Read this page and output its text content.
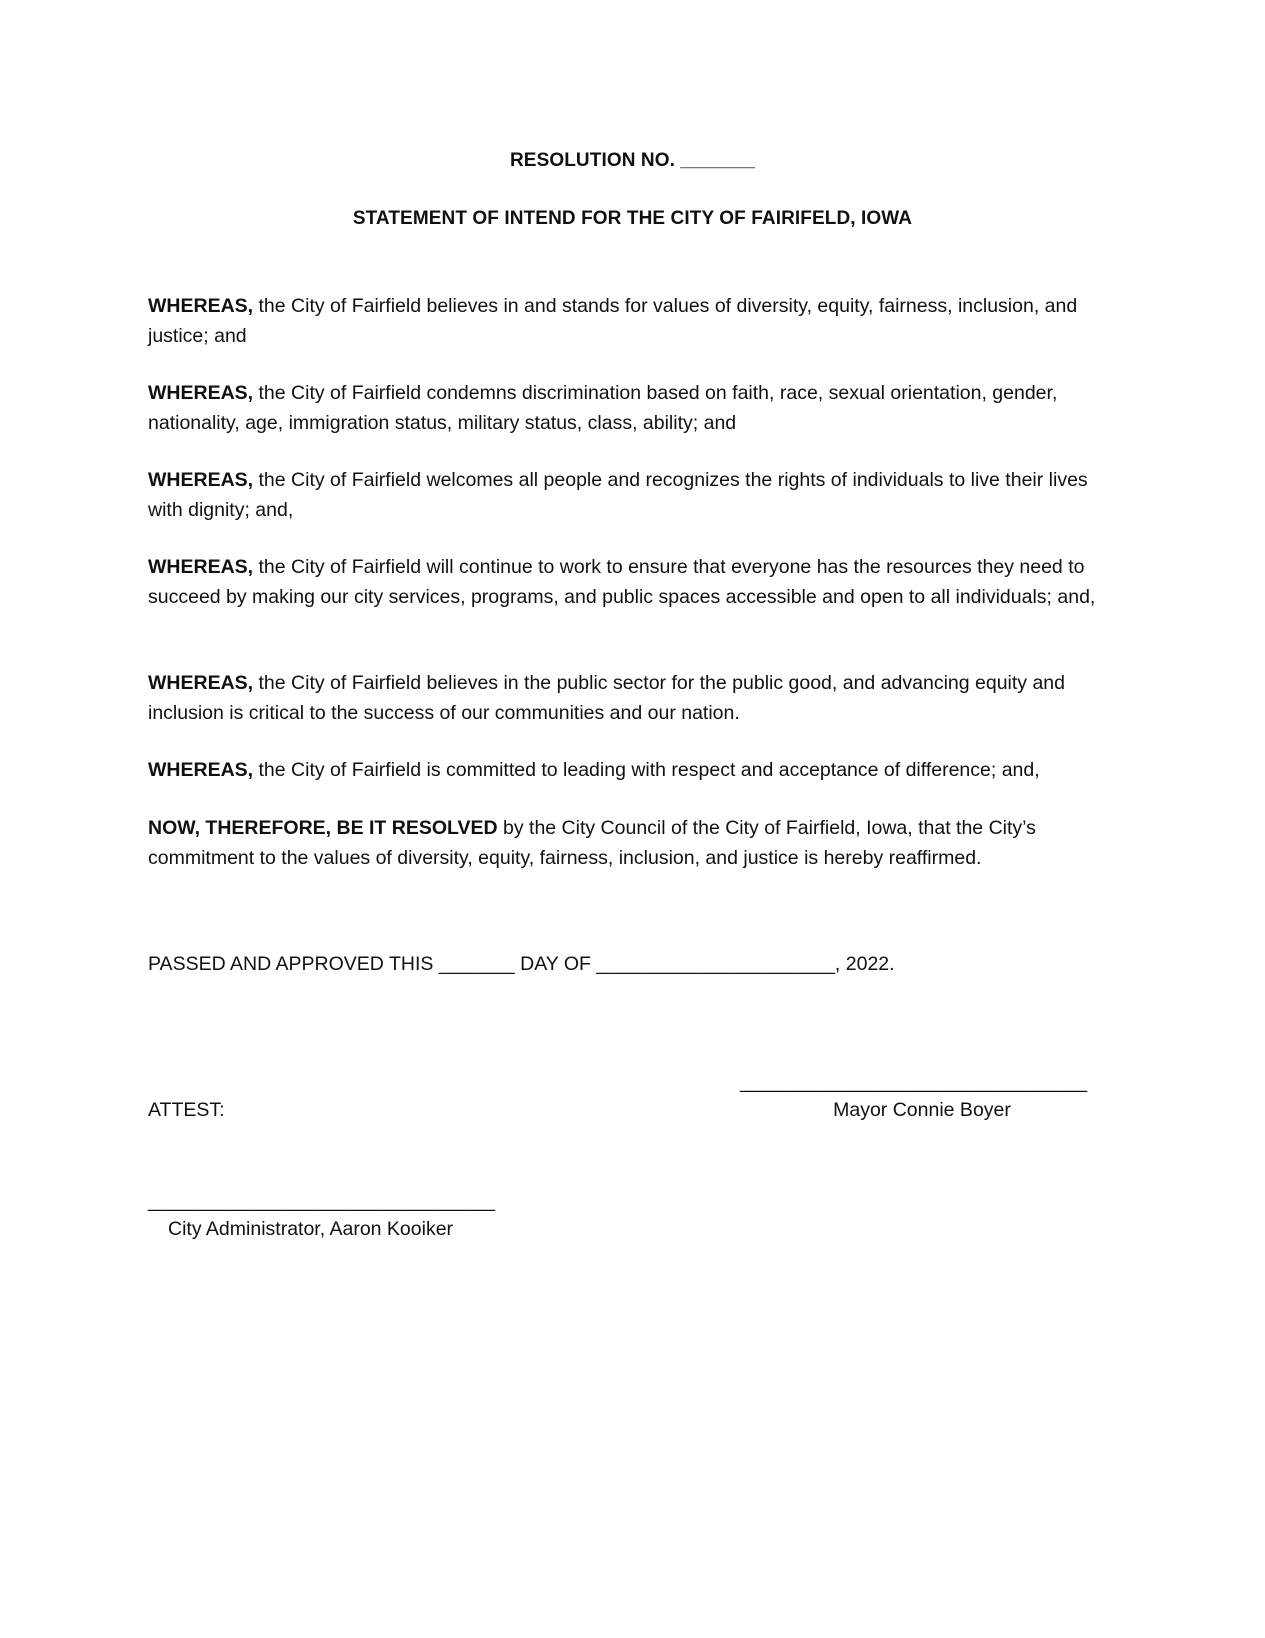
RESOLUTION NO. _______
STATEMENT OF INTEND FOR THE CITY OF FAIRIFELD, IOWA
WHEREAS, the City of Fairfield believes in and stands for values of diversity, equity, fairness, inclusion, and justice; and
WHEREAS, the City of Fairfield condemns discrimination based on faith, race, sexual orientation, gender, nationality, age, immigration status, military status, class, ability; and
WHEREAS, the City of Fairfield welcomes all people and recognizes the rights of individuals to live their lives with dignity; and,
WHEREAS, the City of Fairfield will continue to work to ensure that everyone has the resources they need to succeed by making our city services, programs, and public spaces accessible and open to all individuals; and,
WHEREAS, the City of Fairfield believes in the public sector for the public good, and advancing equity and inclusion is critical to the success of our communities and our nation.
WHEREAS, the City of Fairfield is committed to leading with respect and acceptance of difference; and,
NOW, THEREFORE, BE IT RESOLVED by the City Council of the City of Fairfield, Iowa, that the City’s commitment to the values of diversity, equity, fairness, inclusion, and justice is hereby reaffirmed.
PASSED AND APPROVED THIS _______ DAY OF ______________________, 2022.
ATTEST:
________________________________
Mayor Connie Boyer
________________________________
City Administrator, Aaron Kooiker
